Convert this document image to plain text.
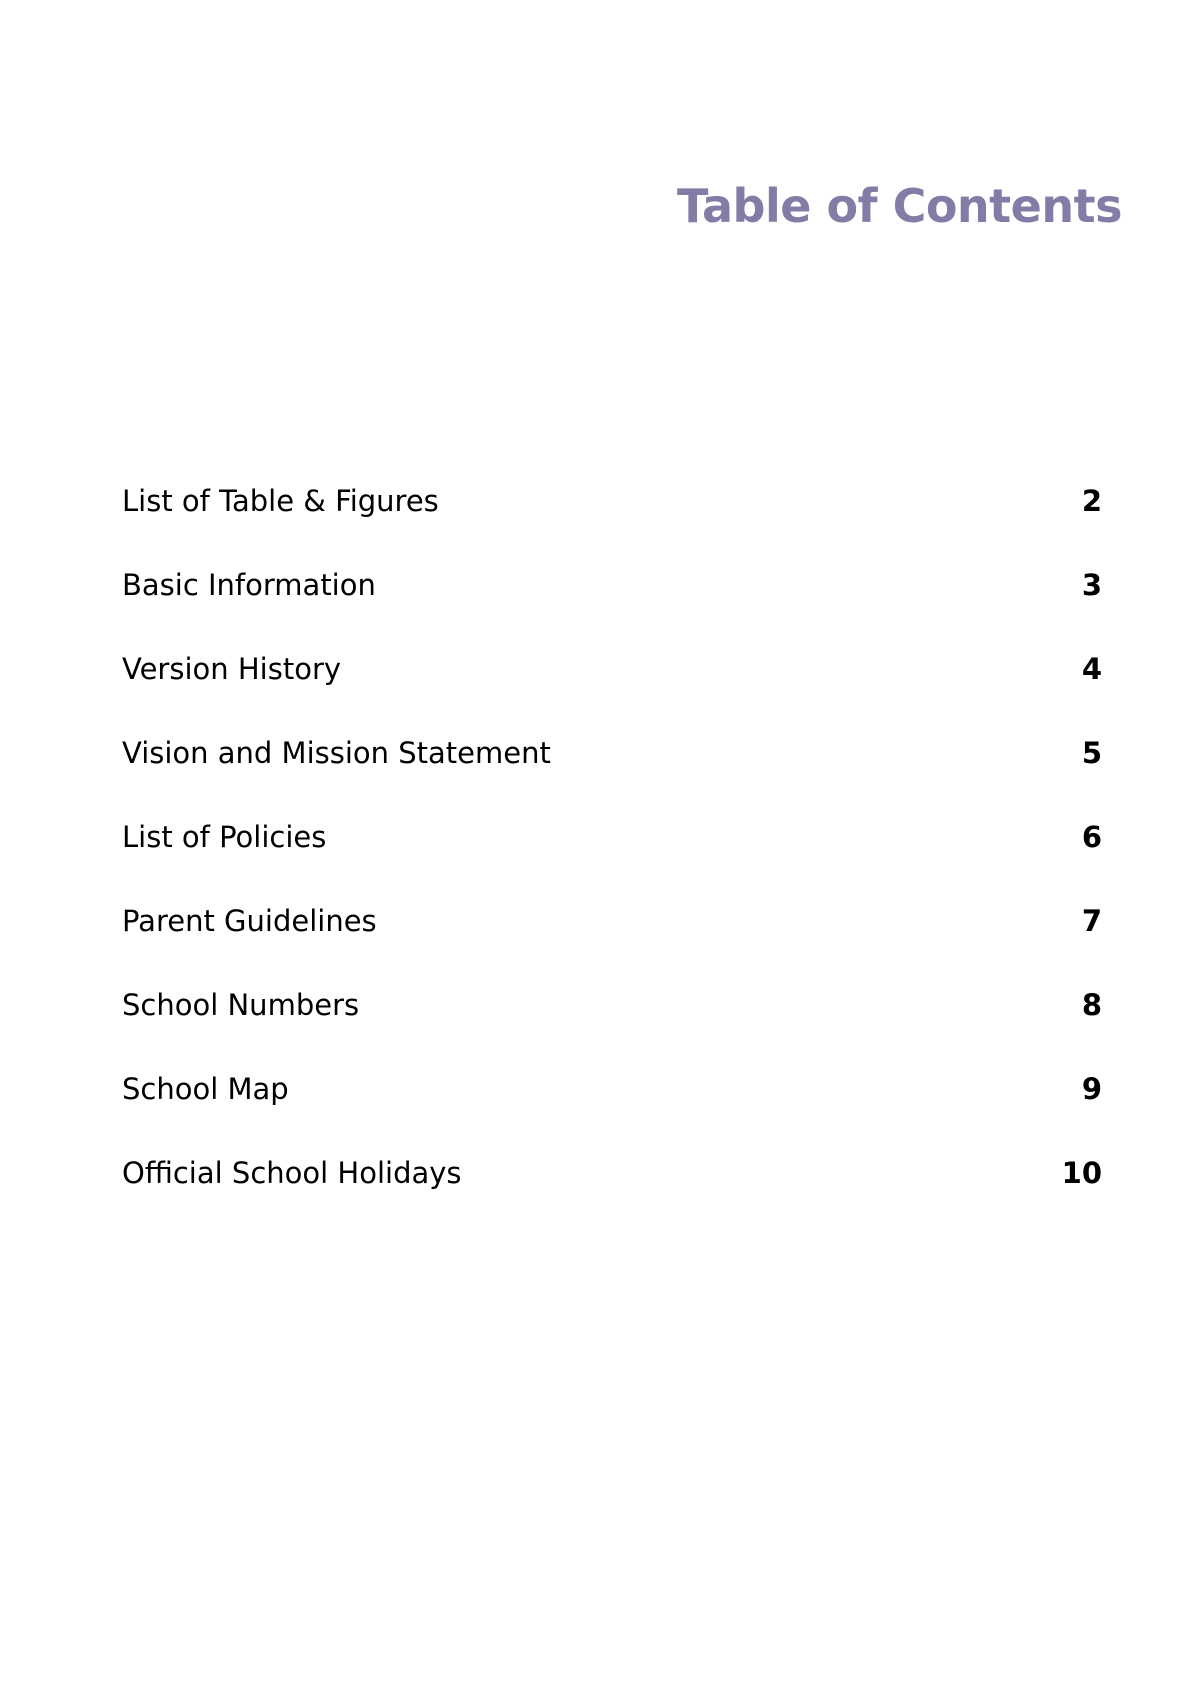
Table of Contents
List of Table & Figures	2
Basic Information	3
Version History	4
Vision and Mission Statement	5
List of Policies	6
Parent Guidelines	7
School Numbers	8
School Map	9
Official School Holidays	10
